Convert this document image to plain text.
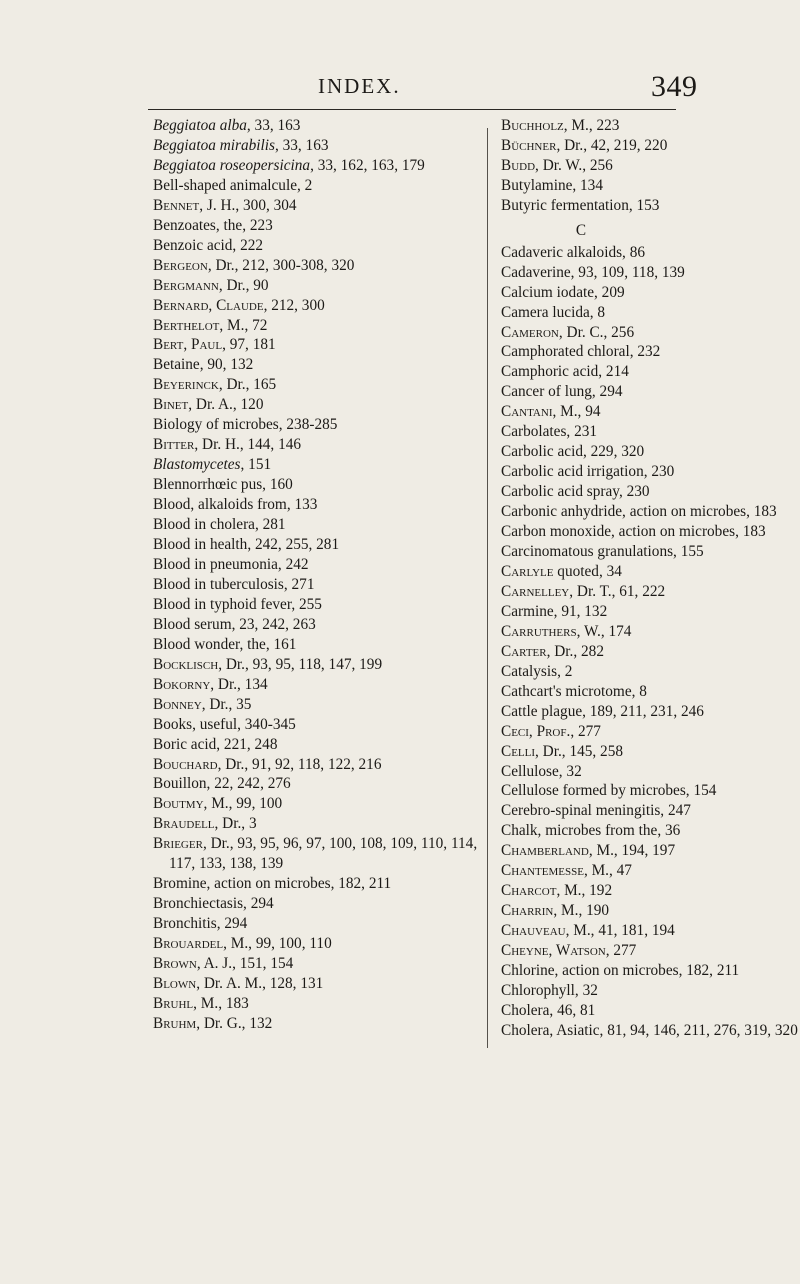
INDEX.	349

Beggiatoa alba, 33, 163

Beggiatoa mirabilis, 33, 163

Beggiatoa roseopersicina, 33, 162, 163, 179

Bell-shaped animalcule, 2

Bennet, J. H., 300, 304

Benzoates, the, 223

Benzoic acid, 222

Bergeon, Dr., 212, 300-308, 320

Bergmann, Dr., 90

Bernard, Claude, 212, 300

Berthelot, M., 72

Bert, Paul, 97, 181

Betaine, 90, 132

Beyerinck, Dr., 165

Binet, Dr. A., 120

Biology of microbes, 238-285

Bitter, Dr. H., 144, 146

Blastomycetes, 151

Blennorrhœic pus, 160

Blood, alkaloids from, 133

Blood in cholera, 281

Blood in health, 242, 255, 281

Blood in pneumonia, 242

Blood in tuberculosis, 271

Blood in typhoid fever, 255

Blood serum, 23, 242, 263

Blood wonder, the, 161

Bocklisch, Dr., 93, 95, 118, 147, 199

Bokorny, Dr., 134

Bonney, Dr., 35

Books, useful, 340-345

Boric acid, 221, 248

Bouchard, Dr., 91, 92, 118, 122, 216

Bouillon, 22, 242, 276

Boutmy, M., 99, 100

Braudell, Dr., 3

Brieger, Dr., 93, 95, 96, 97, 100, 108, 109, 110, 114, 117, 133, 138, 139

Bromine, action on microbes, 182, 211

Bronchiectasis, 294

Bronchitis, 294

Brouardel, M., 99, 100, 110

Brown, A. J., 151, 154

Blown, Dr. A. M., 128, 131

Bruhl, M., 183

Bruhm, Dr. G., 132

Buchholz, M., 223

Büchner, Dr., 42, 219, 220

Budd, Dr. W., 256

Butylamine, 134

Butyric fermentation, 153

C

Cadaveric alkaloids, 86

Cadaverine, 93, 109, 118, 139

Calcium iodate, 209

Camera lucida, 8

Cameron, Dr. C., 256

Camphorated chloral, 232

Camphoric acid, 214

Cancer of lung, 294

Cantani, M., 94

Carbolates, 231

Carbolic acid, 229, 320

Carbolic acid irrigation, 230

Carbolic acid spray, 230

Carbonic anhydride, action on microbes, 183

Carbon monoxide, action on microbes, 183

Carcinomatous granulations, 155

Carlyle quoted, 34

Carnelley, Dr. T., 61, 222

Carmine, 91, 132

Carruthers, W., 174

Carter, Dr., 282

Catalysis, 2

Cathcart's microtome, 8

Cattle plague, 189, 211, 231, 246

Ceci, Prof., 277

Celli, Dr., 145, 258

Cellulose, 32

Cellulose formed by microbes, 154

Cerebro-spinal meningitis, 247

Chalk, microbes from the, 36

Chamberland, M., 194, 197

Chantemesse, M., 47

Charcot, M., 192

Charrin, M., 190

Chauveau, M., 41, 181, 194

Cheyne, Watson, 277

Chlorine, action on microbes, 182, 211

Chlorophyll, 32

Cholera, 46, 81

Cholera, Asiatic, 81, 94, 146, 211, 276, 319, 320
